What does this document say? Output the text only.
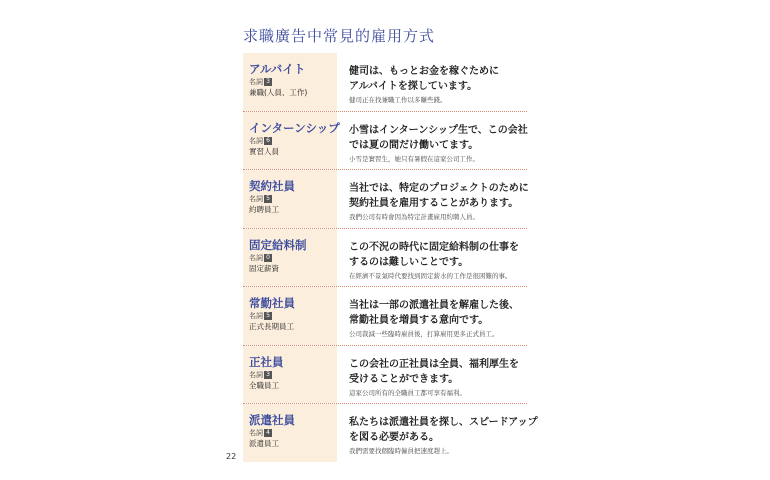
求職廣告中常見的雇用方式
アルバイト
名詞 3
兼職(人員、工作)
健司は、もっとお金を稼ぐために
アルバイトを探しています。
健司正在找兼職工作以多賺些錢。
インターンシップ
名詞 6
實習人員
小雪はインターンシップ生で、この会社
では夏の間だけ働いてます。
小雪是實習生，她只有暑假在這家公司工作。
契約社員
名詞 5
約聘員工
当社では、特定のプロジェクトのために
契約社員を雇用することがあります。
我們公司有時會因為特定計畫雇用約聘人員。
固定給料制
名詞 0
固定薪資
この不況の時代に固定給料制の仕事を
するのは難しいことです。
在經濟不景氣時代要找到固定薪水的工作是很困難的事。
常勤社員
名詞 5
正式長期員工
当社は一部の派遣社員を解雇した後、
常勤社員を増員する意向です。
公司裁減一些臨時雇員後，打算雇用更多正式員工。
正社員
名詞 3
全職員工
この会社の正社員は全員、福利厚生を
受けることができます。
這家公司所有的全職員工都可享有福利。
派遣社員
名詞 4
派遣員工
私たちは派遣社員を探し、スピードアップ
を図る必要がある。
我們需要找個臨時僱員把速度趕上。
22
